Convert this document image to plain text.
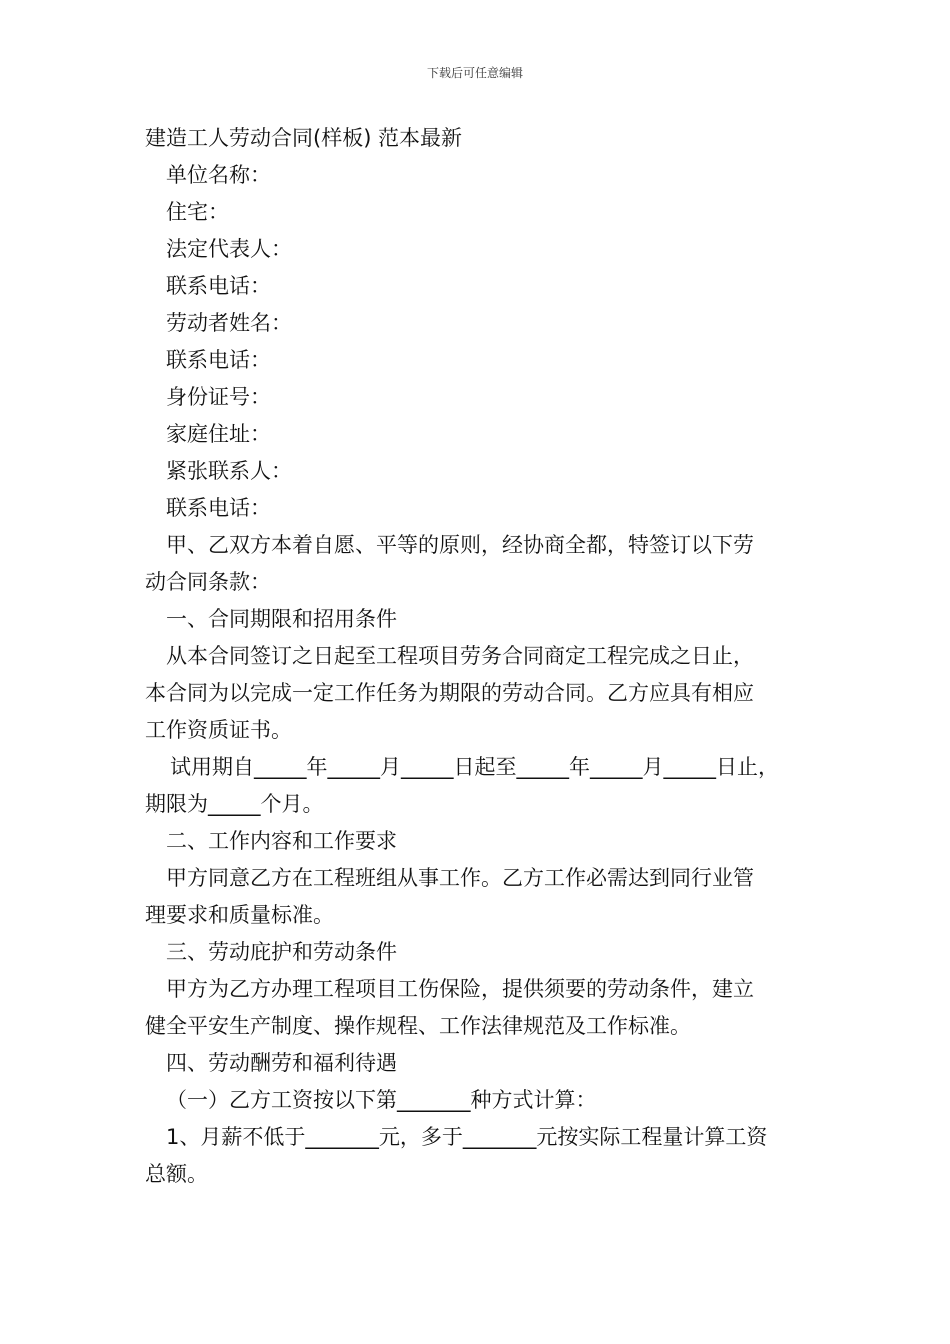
下载后可任意编辑
建造工人劳动合同(样板) 范本最新
单位名称：
住宅：
法定代表人：
联系电话：
劳动者姓名：
联系电话：
身份证号：
家庭住址：
紧张联系人：
联系电话：
甲、乙双方本着自愿、平等的原则，经协商全都，特签订以下劳
动合同条款：
一、合同期限和招用条件
从本合同签订之日起至工程项目劳务合同商定工程完成之日止，
本合同为以完成一定工作任务为期限的劳动合同。乙方应具有相应
工作资质证书。
试用期自_____年_____月_____日起至_____年_____月_____日止，
期限为_____个月。
二、工作内容和工作要求
甲方同意乙方在工程班组从事工作。乙方工作必需达到同行业管
理要求和质量标准。
三、劳动庇护和劳动条件
甲方为乙方办理工程项目工伤保险，提供须要的劳动条件，建立
健全平安生产制度、操作规程、工作法律规范及工作标准。
四、劳动酬劳和福利待遇
（一）乙方工资按以下第_______种方式计算：
1、月薪不低于_______元，多于_______元按实际工程量计算工资
总额。
